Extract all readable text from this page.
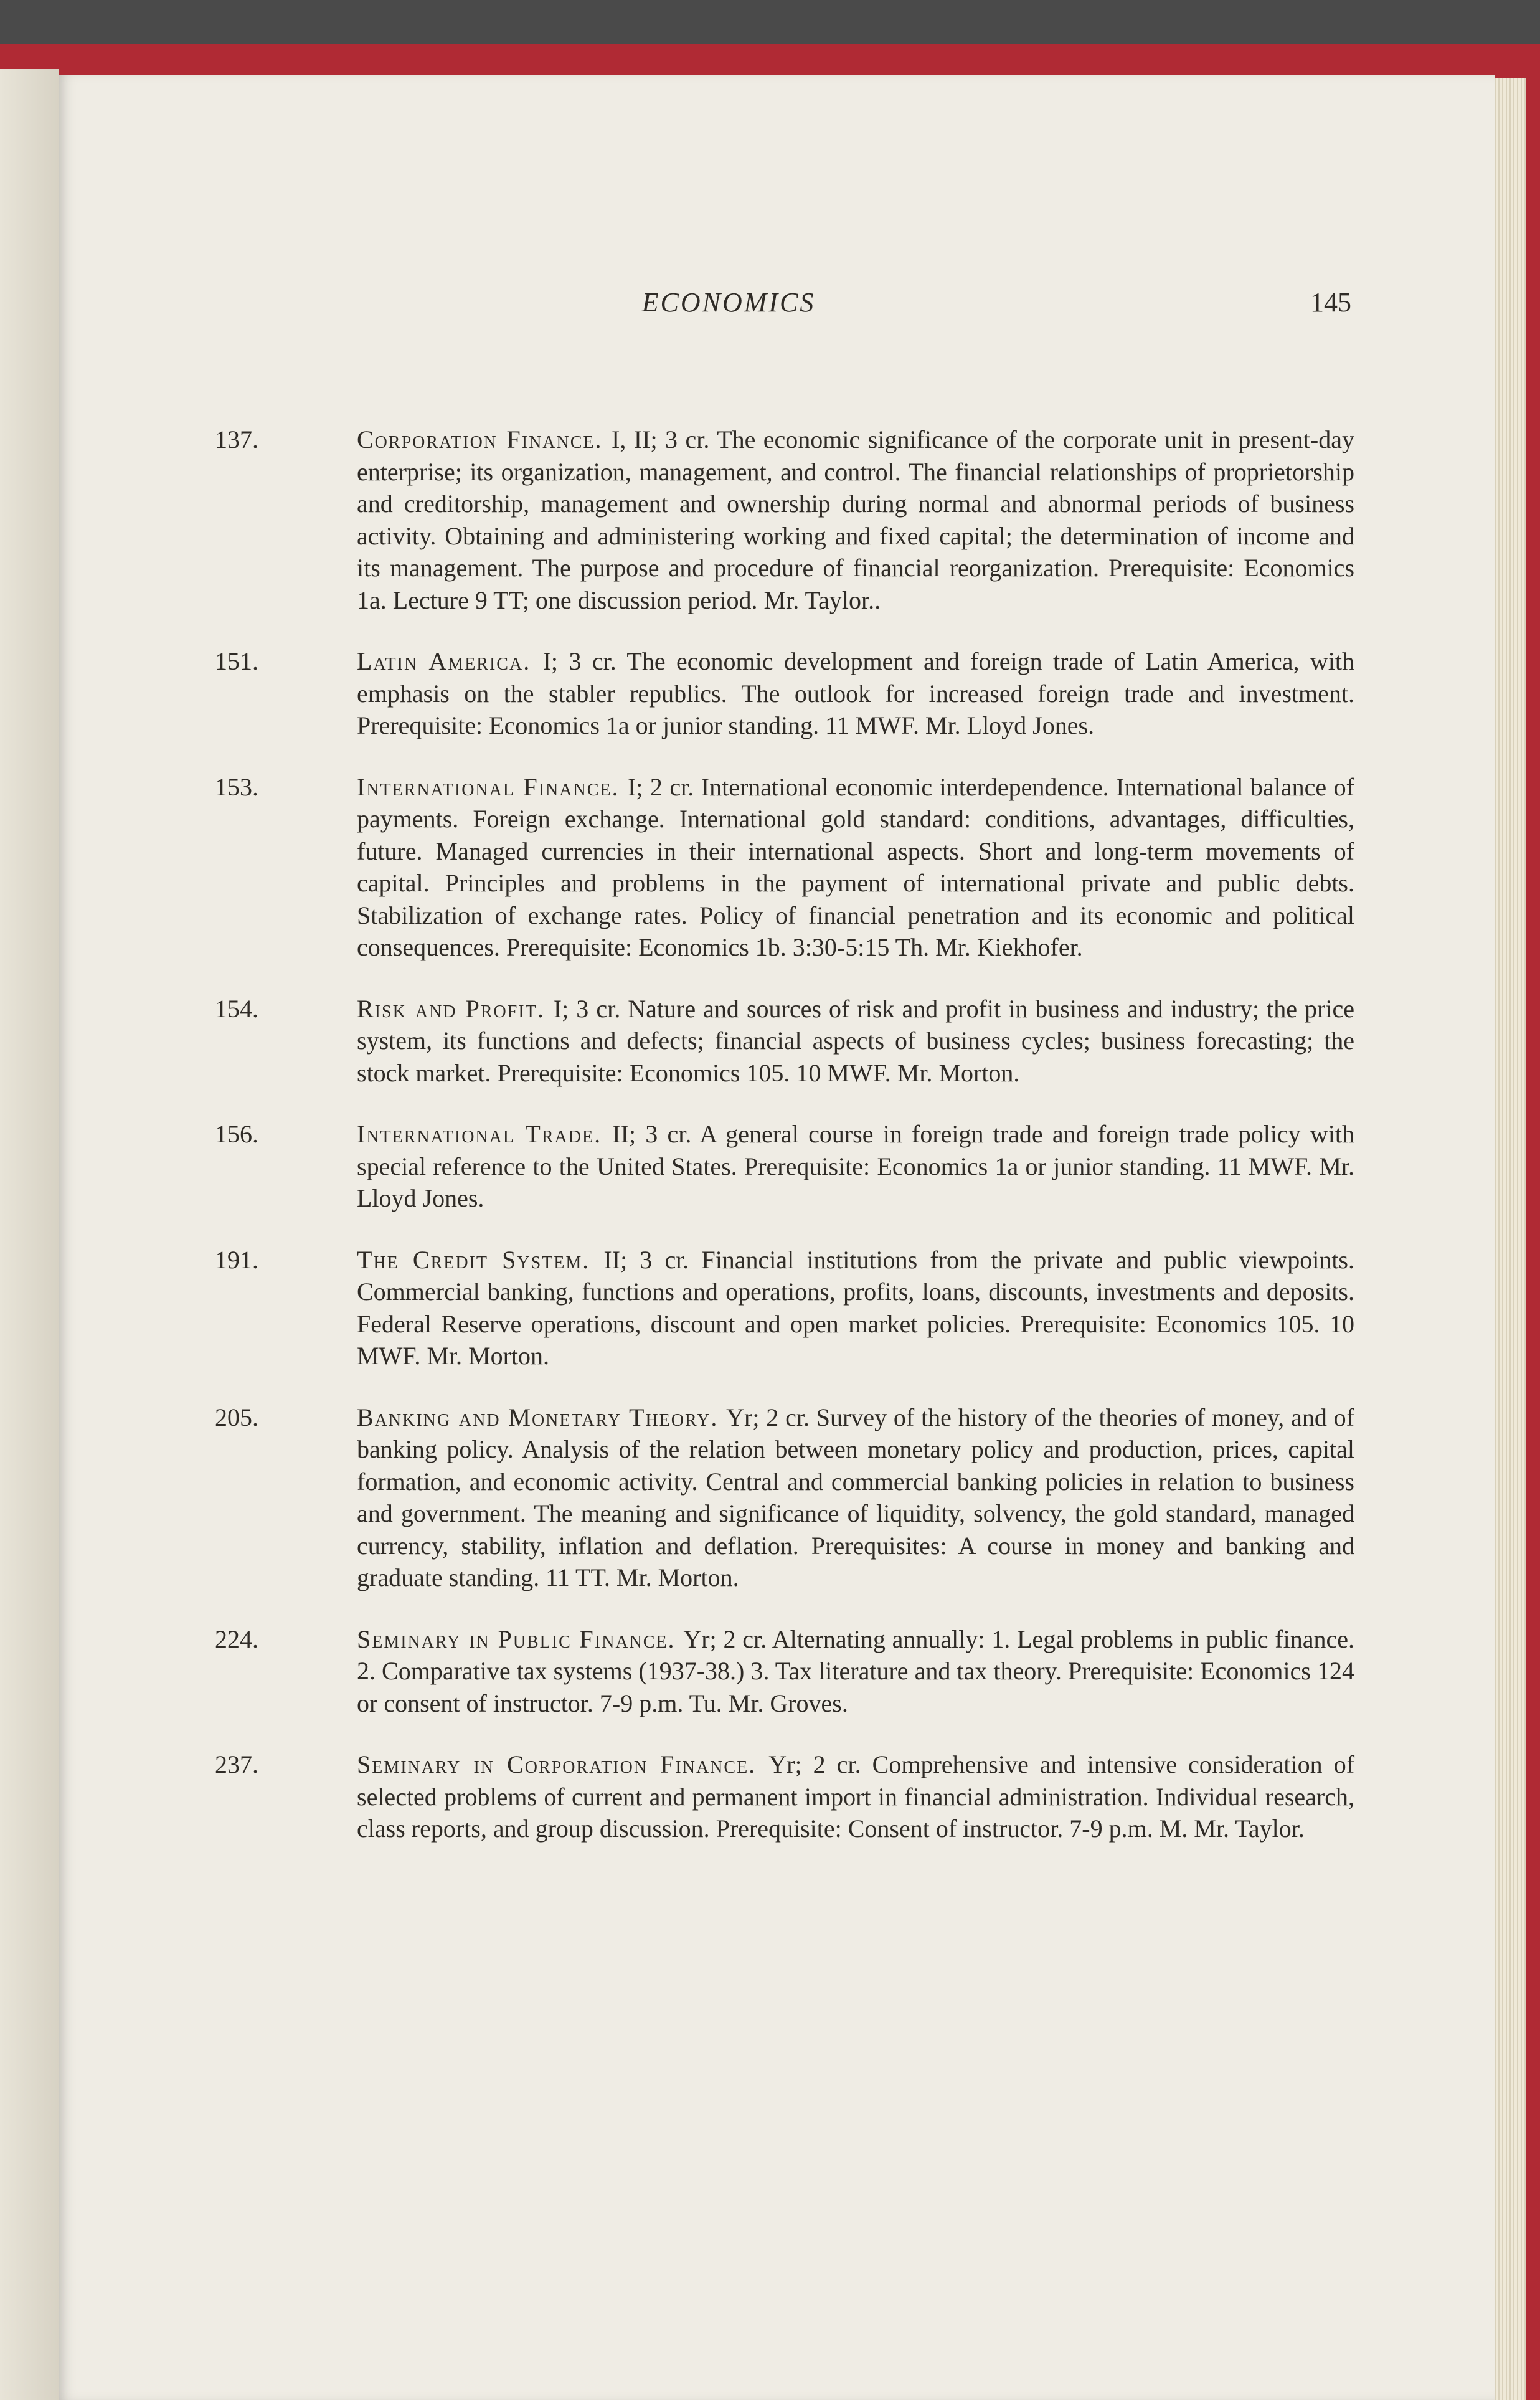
ECONOMICS	145
137.	Corporation Finance. I, II; 3 cr. The economic significance of the corporate unit in present-day enterprise; its organization, management, and control. The financial relationships of proprietorship and creditorship, management and ownership during normal and abnormal periods of business activity. Obtaining and administering working and fixed capital; the determination of income and its management. The purpose and procedure of financial reorganization. Prerequisite: Economics 1a. Lecture 9 TT; one discussion period. Mr. Taylor..
151.	Latin America. I; 3 cr. The economic development and foreign trade of Latin America, with emphasis on the stabler republics. The outlook for increased foreign trade and investment. Prerequisite: Economics 1a or junior standing. 11 MWF. Mr. Lloyd Jones.
153.	International Finance. I; 2 cr. International economic interdependence. International balance of payments. Foreign exchange. International gold standard: conditions, advantages, difficulties, future. Managed currencies in their international aspects. Short and long-term movements of capital. Principles and problems in the payment of international private and public debts. Stabilization of exchange rates. Policy of financial penetration and its economic and political consequences. Prerequisite: Economics 1b. 3:30-5:15 Th. Mr. Kiekhofer.
154.	Risk and Profit. I; 3 cr. Nature and sources of risk and profit in business and industry; the price system, its functions and defects; financial aspects of business cycles; business forecasting; the stock market. Prerequisite: Economics 105. 10 MWF. Mr. Morton.
156.	International Trade. II; 3 cr. A general course in foreign trade and foreign trade policy with special reference to the United States. Prerequisite: Economics 1a or junior standing. 11 MWF. Mr. Lloyd Jones.
191.	The Credit System. II; 3 cr. Financial institutions from the private and public viewpoints. Commercial banking, functions and operations, profits, loans, discounts, investments and deposits. Federal Reserve operations, discount and open market policies. Prerequisite: Economics 105. 10 MWF. Mr. Morton.
205.	Banking and Monetary Theory. Yr; 2 cr. Survey of the history of the theories of money, and of banking policy. Analysis of the relation between monetary policy and production, prices, capital formation, and economic activity. Central and commercial banking policies in relation to business and government. The meaning and significance of liquidity, solvency, the gold standard, managed currency, stability, inflation and deflation. Prerequisites: A course in money and banking and graduate standing. 11 TT. Mr. Morton.
224.	Seminary in Public Finance. Yr; 2 cr. Alternating annually: 1. Legal problems in public finance. 2. Comparative tax systems (1937-38.) 3. Tax literature and tax theory. Prerequisite: Economics 124 or consent of instructor. 7-9 p.m. Tu. Mr. Groves.
237.	Seminary in Corporation Finance. Yr; 2 cr. Comprehensive and intensive consideration of selected problems of current and permanent import in financial administration. Individual research, class reports, and group discussion. Prerequisite: Consent of instructor. 7-9 p.m. M. Mr. Taylor.
